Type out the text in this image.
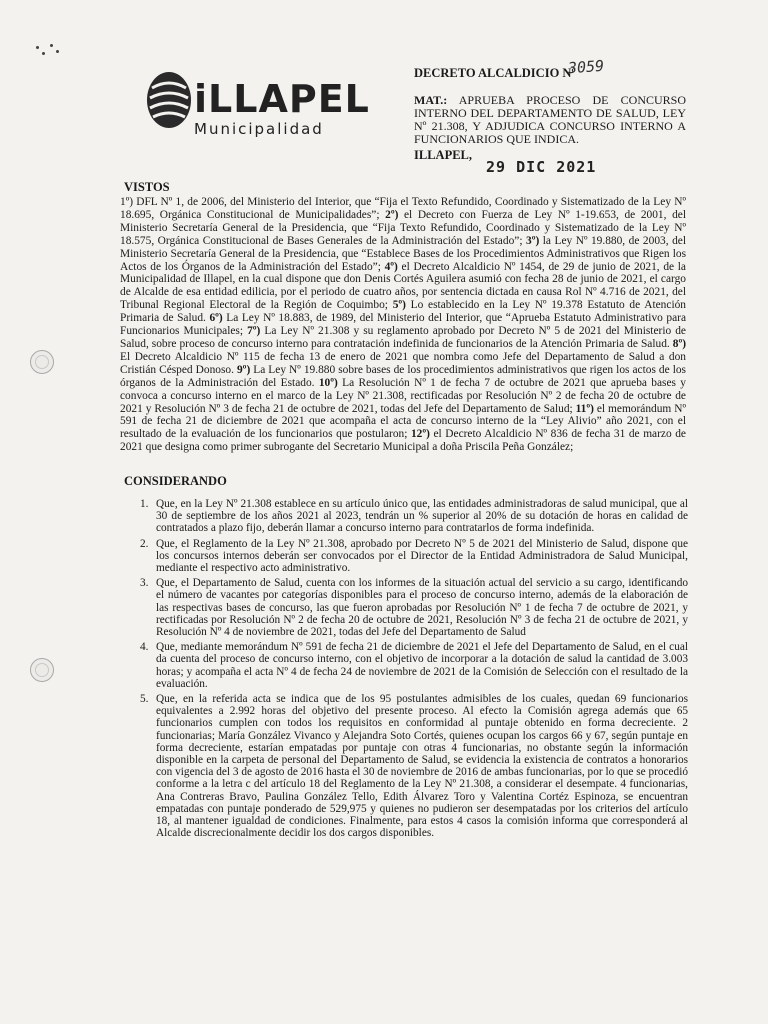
iLLAPEL
Municipalidad
DECRETO ALCALDICIO Nº
3059
MAT.: APRUEBA PROCESO DE CONCURSO INTERNO DEL DEPARTAMENTO DE SALUD, LEY Nº 21.308, Y ADJUDICA CONCURSO INTERNO A FUNCIONARIOS QUE INDICA.
ILLAPEL,
29 DIC 2021
VISTOS
1º) DFL Nº 1, de 2006, del Ministerio del Interior, que “Fija el Texto Refundido, Coordinado y Sistematizado de la Ley Nº 18.695, Orgánica Constitucional de Municipalidades”; 2º) el Decreto con Fuerza de Ley Nº 1-19.653, de 2001, del Ministerio Secretaría General de la Presidencia, que “Fija Texto Refundido, Coordinado y Sistematizado de la Ley Nº 18.575, Orgánica Constitucional de Bases Generales de la Administración del Estado”; 3º) la Ley Nº 19.880, de 2003, del Ministerio Secretaría General de la Presidencia, que “Establece Bases de los Procedimientos Administrativos que Rigen los Actos de los Órganos de la Administración del Estado”; 4º) el Decreto Alcaldicio Nº 1454, de 29 de junio de 2021, de la Municipalidad de Illapel, en la cual dispone que don Denis Cortés Aguilera asumió con fecha 28 de junio de 2021, el cargo de Alcalde de esa entidad edilicia, por el periodo de cuatro años, por sentencia dictada en causa Rol Nº 4.716 de 2021, del Tribunal Regional Electoral de la Región de Coquimbo; 5º) Lo establecido en la Ley Nº 19.378 Estatuto de Atención Primaria de Salud. 6º) La Ley Nº 18.883, de 1989, del Ministerio del Interior, que “Aprueba Estatuto Administrativo para Funcionarios Municipales; 7º) La Ley Nº 21.308 y su reglamento aprobado por Decreto Nº 5 de 2021 del Ministerio de Salud, sobre proceso de concurso interno para contratación indefinida de funcionarios de la Atención Primaria de Salud. 8º) El Decreto Alcaldicio Nº 115 de fecha 13 de enero de 2021 que nombra como Jefe del Departamento de Salud a don Cristián Césped Donoso. 9º) La Ley Nº 19.880 sobre bases de los procedimientos administrativos que rigen los actos de los órganos de la Administración del Estado. 10º) La Resolución Nº 1 de fecha 7 de octubre de 2021 que aprueba bases y convoca a concurso interno en el marco de la Ley Nº 21.308, rectificadas por Resolución Nº 2 de fecha 20 de octubre de 2021 y Resolución Nº 3 de fecha 21 de octubre de 2021, todas del Jefe del Departamento de Salud; 11º) el memorándum Nº 591 de fecha 21 de diciembre de 2021 que acompaña el acta de concurso interno de la “Ley Alivio” año 2021, con el resultado de la evaluación de los funcionarios que postularon; 12º) el Decreto Alcaldicio Nº 836 de fecha 31 de marzo de 2021 que designa como primer subrogante del Secretario Municipal a doña Priscila Peña González;
CONSIDERANDO
1. Que, en la Ley Nº 21.308 establece en su artículo único que, las entidades administradoras de salud municipal, que al 30 de septiembre de los años 2021 al 2023, tendrán un % superior al 20% de su dotación de horas en calidad de contratados a plazo fijo, deberán llamar a concurso interno para contratarlos de forma indefinida.
2. Que, el Reglamento de la Ley Nº 21.308, aprobado por Decreto Nº 5 de 2021 del Ministerio de Salud, dispone que los concursos internos deberán ser convocados por el Director de la Entidad Administradora de Salud Municipal, mediante el respectivo acto administrativo.
3. Que, el Departamento de Salud, cuenta con los informes de la situación actual del servicio a su cargo, identificando el número de vacantes por categorías disponibles para el proceso de concurso interno, además de la elaboración de las respectivas bases de concurso, las que fueron aprobadas por Resolución Nº 1 de fecha 7 de octubre de 2021, y rectificadas por Resolución Nº 2 de fecha 20 de octubre de 2021, Resolución Nº 3 de fecha 21 de octubre de 2021, y Resolución Nº 4 de noviembre de 2021, todas del Jefe del Departamento de Salud
4. Que, mediante memorándum Nº 591 de fecha 21 de diciembre de 2021 el Jefe del Departamento de Salud, en el cual da cuenta del proceso de concurso interno, con el objetivo de incorporar a la dotación de salud la cantidad de 3.003 horas; y acompaña el acta Nº 4 de fecha 24 de noviembre de 2021 de la Comisión de Selección con el resultado de la evaluación.
5. Que, en la referida acta se indica que de los 95 postulantes admisibles de los cuales, quedan 69 funcionarios equivalentes a 2.992 horas del objetivo del presente proceso. Al efecto la Comisión agrega además que 65 funcionarios cumplen con todos los requisitos en conformidad al puntaje obtenido en forma decreciente. 2 funcionarias; María González Vivanco y Alejandra Soto Cortés, quienes ocupan los cargos 66 y 67, según puntaje en forma decreciente, estarían empatadas por puntaje con otras 4 funcionarias, no obstante según la información disponible en la carpeta de personal del Departamento de Salud, se evidencia la existencia de contratos a honorarios con vigencia del 3 de agosto de 2016 hasta el 30 de noviembre de 2016 de ambas funcionarias, por lo que se procedió conforme a la letra c del artículo 18 del Reglamento de la Ley Nº 21.308, a considerar el desempate. 4 funcionarias, Ana Contreras Bravo, Paulina González Tello, Edith Álvarez Toro y Valentina Cortéz Espinoza, se encuentran empatadas con puntaje ponderado de 529,975 y quienes no pudieron ser desempatadas por los criterios del artículo 18, al mantener igualdad de condiciones. Finalmente, para estos 4 casos la comisión informa que corresponderá al Alcalde discrecionalmente decidir los dos cargos disponibles.
